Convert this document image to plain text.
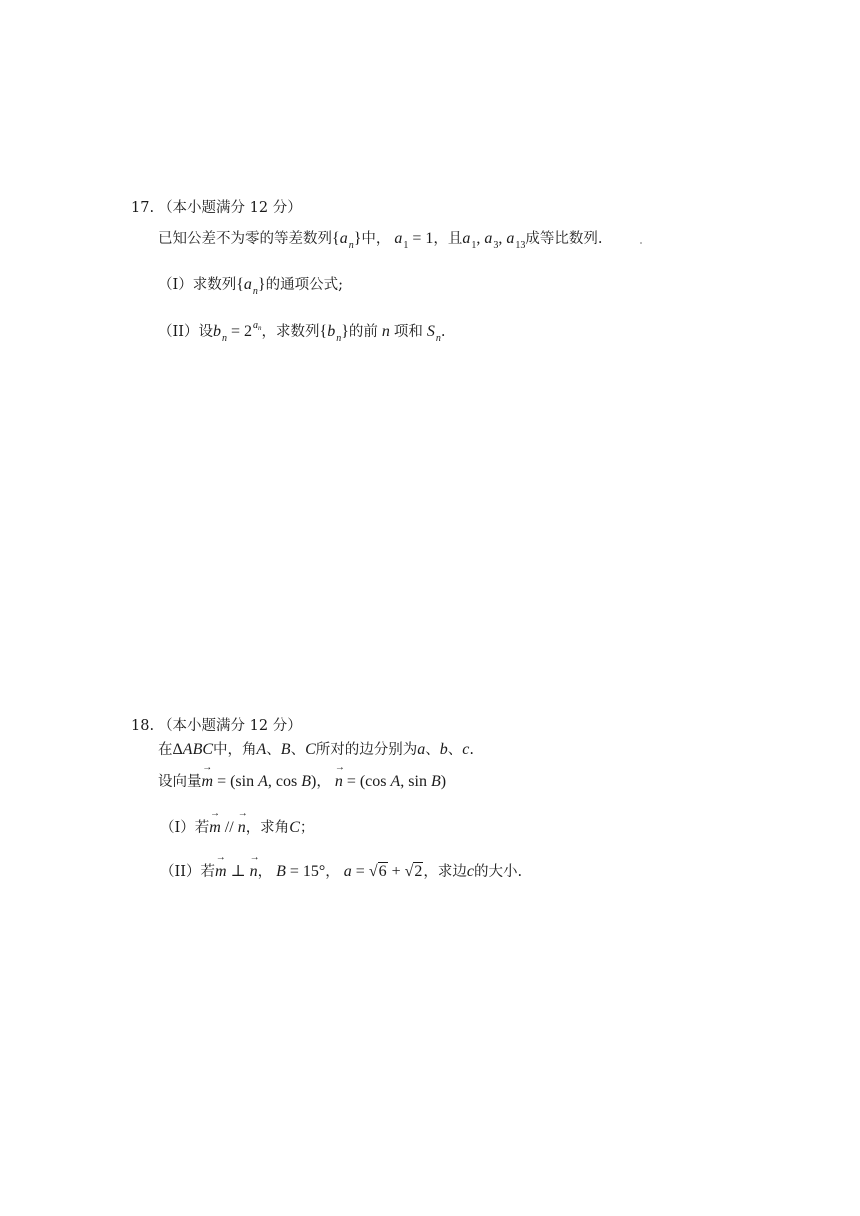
17. （本小题满分 12 分）
已知公差不为零的等差数列$\{a_n\}$中， $a_1 = 1$，且$a_1$, $a_3$, $a_{13}$成等比数列.
（I）求数列$\{a_n\}$的通项公式;
（II）设$b_n = 2^{a_n}$，求数列$\{b_n\}$的前 n 项和 $S_n$.
18. （本小题满分 12 分）
在ΔABC中，角A、B、C所对的边分别为a、b、c.
设向量
→
m = (sin A, cos B)，
→
n = (cos A, sin B)
（I）若
→
m //
→
n，求角C；
（II）若
→
m ⊥
→
n， B = 15°， a = √6 + √2，求边c的大小.
